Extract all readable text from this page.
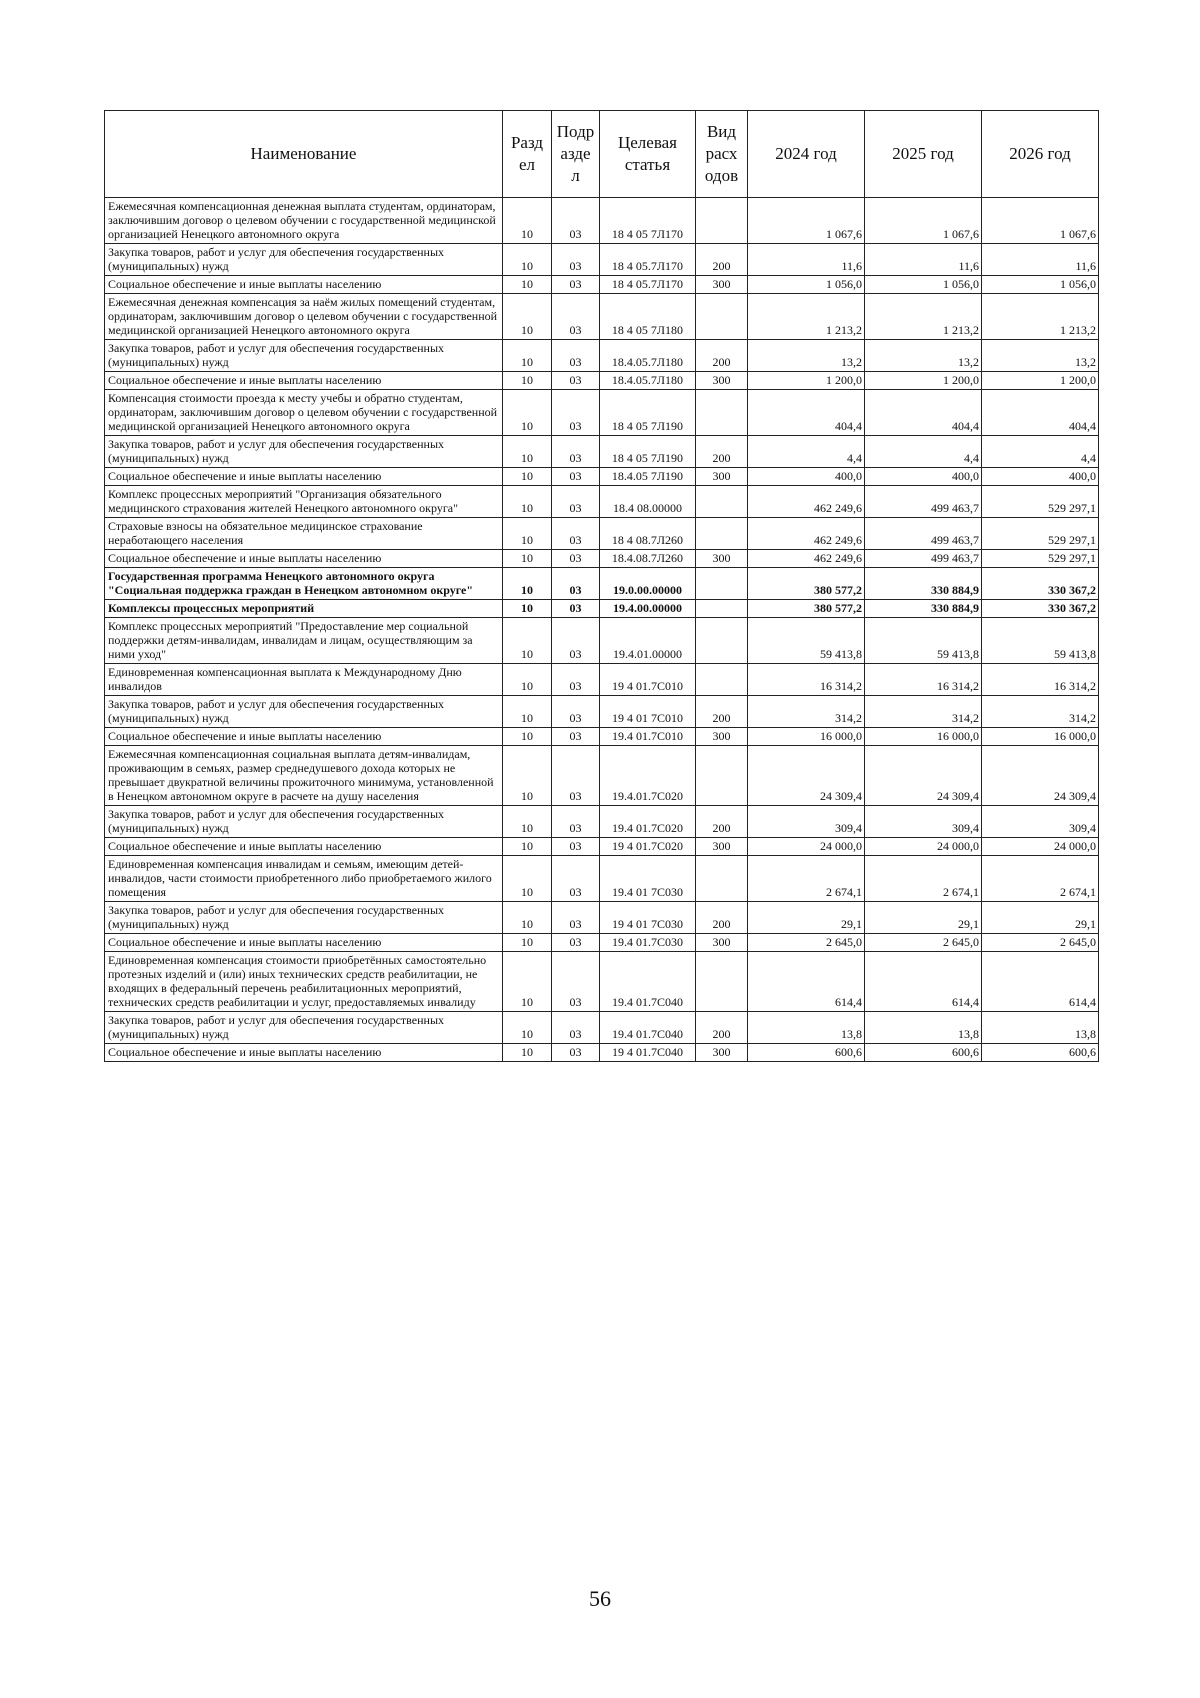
Наименование	Разд ел	Подр азде л	Целевая статья	Вид расх одов	2024 год	2025 год	2026 год
Ежемесячная компенсационная денежная выплата студентам, ординаторам, заключившим договор о целевом обучении с государственной медицинской организацией Ненецкого автономного округа	10	03	18 4 05 7Л170		1 067,6	1 067,6	1 067,6
Закупка товаров, работ и услуг для обеспечения государственных (муниципальных) нужд	10	03	18 4 05.7Л170	200	11,6	11,6	11,6
Социальное обеспечение и иные выплаты населению	10	03	18 4 05.7Л170	300	1 056,0	1 056,0	1 056,0
Ежемесячная денежная компенсация за наём жилых помещений студентам, ординаторам, заключившим договор о целевом обучении с государственной медицинской организацией Ненецкого автономного округа	10	03	18 4 05 7Л180		1 213,2	1 213,2	1 213,2
Закупка товаров, работ и услуг для обеспечения государственных (муниципальных) нужд	10	03	18.4.05.7Л180	200	13,2	13,2	13,2
Социальное обеспечение и иные выплаты населению	10	03	18.4.05.7Л180	300	1 200,0	1 200,0	1 200,0
Компенсация стоимости проезда к месту учебы и обратно студентам, ординаторам, заключившим договор о целевом обучении с государственной медицинской организацией Ненецкого автономного округа	10	03	18 4 05 7Л190		404,4	404,4	404,4
Закупка товаров, работ и услуг для обеспечения государственных (муниципальных) нужд	10	03	18 4 05 7Л190	200	4,4	4,4	4,4
Социальное обеспечение и иные выплаты населению	10	03	18.4.05 7Л190	300	400,0	400,0	400,0
Комплекс процессных мероприятий "Организация обязательного медицинского страхования жителей Ненецкого автономного округа"	10	03	18.4 08.00000		462 249,6	499 463,7	529 297,1
Страховые взносы на обязательное медицинское страхование неработающего населения	10	03	18 4 08.7Л260		462 249,6	499 463,7	529 297,1
Социальное обеспечение и иные выплаты населению	10	03	18.4.08.7Л260	300	462 249,6	499 463,7	529 297,1
Государственная программа Ненецкого автономного округа "Социальная поддержка граждан в Ненецком автономном округе"	10	03	19.0.00.00000		380 577,2	330 884,9	330 367,2
Комплексы процессных мероприятий	10	03	19.4.00.00000		380 577,2	330 884,9	330 367,2
Комплекс процессных мероприятий "Предоставление мер социальной поддержки детям-инвалидам, инвалидам и лицам, осуществляющим за ними уход"	10	03	19.4.01.00000		59 413,8	59 413,8	59 413,8
Единовременная компенсационная выплата к Международному Дню инвалидов	10	03	19 4 01.7С010		16 314,2	16 314,2	16 314,2
Закупка товаров, работ и услуг для обеспечения государственных (муниципальных) нужд	10	03	19 4 01 7С010	200	314,2	314,2	314,2
Социальное обеспечение и иные выплаты населению	10	03	19.4 01.7С010	300	16 000,0	16 000,0	16 000,0
Ежемесячная компенсационная социальная выплата детям-инвалидам, проживающим в семьях, размер среднедушевого дохода которых не превышает двукратной величины прожиточного минимума, установленной в Ненецком автономном округе в расчете на душу населения	10	03	19.4.01.7С020		24 309,4	24 309,4	24 309,4
Закупка товаров, работ и услуг для обеспечения государственных (муниципальных) нужд	10	03	19.4 01.7С020	200	309,4	309,4	309,4
Социальное обеспечение и иные выплаты населению	10	03	19 4 01.7С020	300	24 000,0	24 000,0	24 000,0
Единовременная компенсация инвалидам и семьям, имеющим детей-инвалидов, части стоимости приобретенного либо приобретаемого жилого помещения	10	03	19.4 01 7С030		2 674,1	2 674,1	2 674,1
Закупка товаров, работ и услуг для обеспечения государственных (муниципальных) нужд	10	03	19 4 01 7С030	200	29,1	29,1	29,1
Социальное обеспечение и иные выплаты населению	10	03	19.4 01.7С030	300	2 645,0	2 645,0	2 645,0
Единовременная компенсация стоимости приобретённых самостоятельно протезных изделий и (или) иных технических средств реабилитации, не входящих в федеральный перечень реабилитационных мероприятий, технических средств реабилитации и услуг, предоставляемых инвалиду	10	03	19.4 01.7С040		614,4	614,4	614,4
Закупка товаров, работ и услуг для обеспечения государственных (муниципальных) нужд	10	03	19.4 01.7С040	200	13,8	13,8	13,8
Социальное обеспечение и иные выплаты населению	10	03	19 4 01.7С040	300	600,6	600,6	600,6
56
